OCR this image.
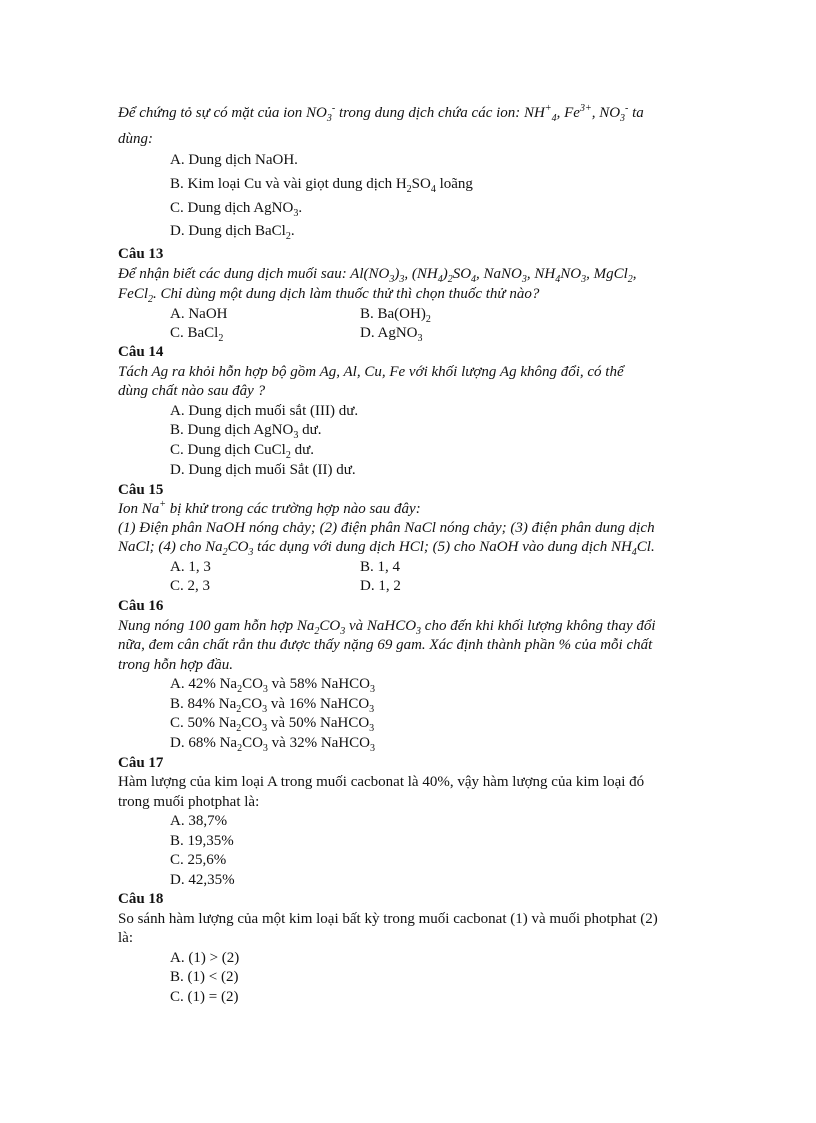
Để chứng tỏ sự có mặt của ion $NO_3^-$ trong dung dịch chứa các ion: $NH^+_4$, $Fe^{3+}$, $NO_3^-$ ta
dùng:
A. Dung dịch NaOH.
B. Kim loại Cu và vài giọt dung dịch $H_2SO_4$ loãng
C. Dung dịch AgNO$_3$.
D. Dung dịch BaCl$_2$.
Câu 13
Để nhận biết các dung dịch muối sau: $Al(NO_3)_3$, $(NH_4)_2SO_4$, NaNO$_3$, $NH_4NO_3$, MgCl$_2$,
FeCl$_2$. Chỉ dùng một dung dịch làm thuốc thử thì chọn thuốc thử nào?
A. NaOH	B. $Ba(OH)_2$
C. BaCl$_2$	D. AgNO$_3$
Câu 14
Tách Ag ra khỏi hỗn hợp bộ gồm Ag, Al, Cu, Fe với khối lượng Ag không đổi, có thể
dùng chất nào sau đây ?
A. Dung dịch muối sắt (III) dư.
B. Dung dịch AgNO$_3$ dư.
C. Dung dịch CuCl$_2$ dư.
D. Dung dịch muối Sắt (II) dư.
Câu 15
Ion Na+ bị khử trong các trường hợp nào sau đây:
(1) Điện phân NaOH nóng chảy; (2) điện phân NaCl nóng chảy; (3) điện phân dung dịch
NaCl; (4) cho $Na_2CO_3$ tác dụng với dung dịch HCl; (5) cho NaOH vào dung dịch $NH_4Cl$.
A. 1, 3	B. 1, 4
C. 2, 3	D. 1, 2
Câu 16
Nung nóng 100 gam hỗn hợp $Na_2CO_3$ và NaHCO$_3$ cho đến khi khối lượng không thay đổi
nữa, đem cân chất rắn thu được thấy nặng 69 gam. Xác định thành phần % của mỗi chất
trong hỗn hợp đầu.
A. 42% $Na_2CO_3$ và 58% NaHCO$_3$
B. 84% $Na_2CO_3$ và 16% NaHCO$_3$
C. 50% $Na_2CO_3$ và 50% NaHCO$_3$
D. 68% $Na_2CO_3$ và 32% NaHCO$_3$
Câu 17
Hàm lượng của kim loại A trong muối cacbonat là 40%, vậy hàm lượng của kim loại đó
trong muối photphat là:
A. 38,7%
B. 19,35%
C. 25,6%
D. 42,35%
Câu 18
So sánh hàm lượng của một kim loại bất kỳ trong muối cacbonat (1) và muối photphat (2)
là:
A. (1) > (2)
B. (1) < (2)
C. (1) = (2)
